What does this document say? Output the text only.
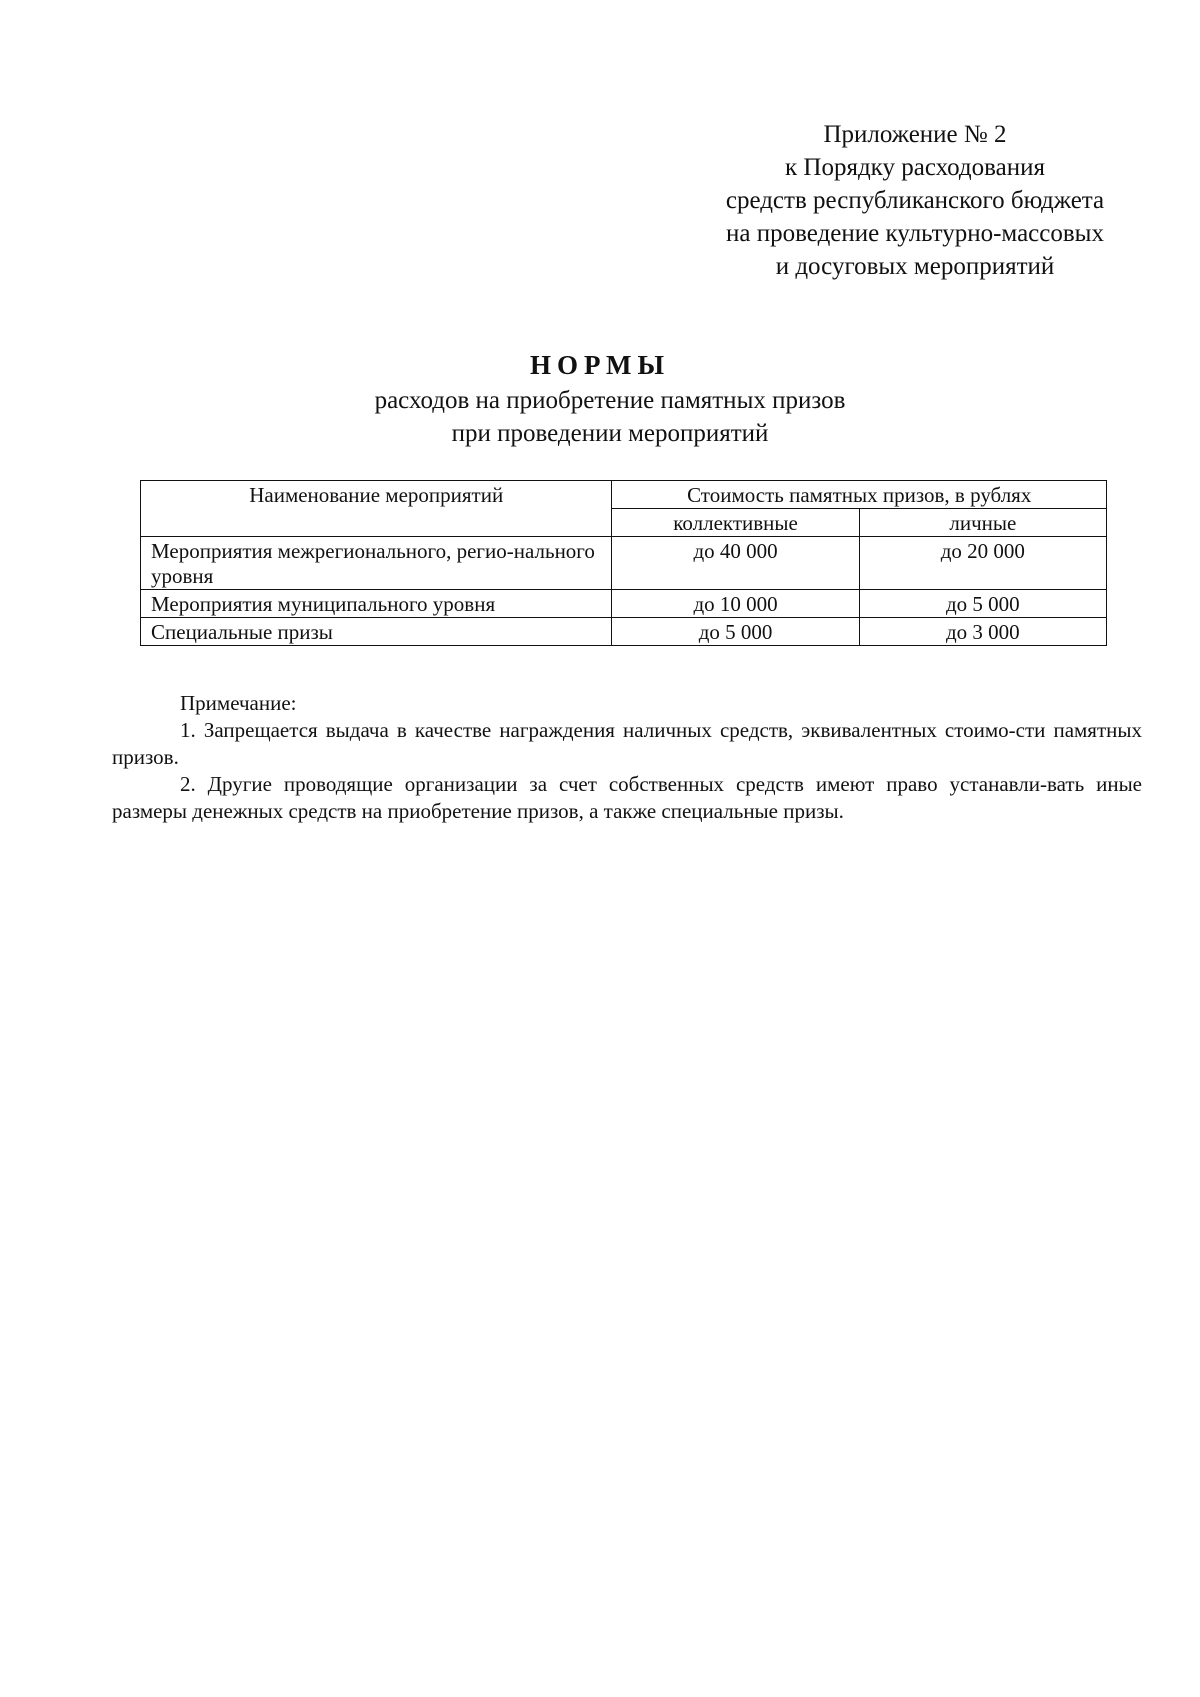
Приложение № 2
к Порядку расходования
средств республиканского бюджета
на проведение культурно-массовых
и досуговых мероприятий
НОРМЫ
расходов на приобретение памятных призов
при проведении мероприятий
Наименование мероприятий	Стоимость памятных призов, в рублях	
	коллективные	личные
Мероприятия межрегионального, регио-нального уровня	до 40 000	до 20 000
Мероприятия муниципального уровня	до 10 000	до 5 000
Специальные призы	до 5 000	до 3 000

Примечание:

1. Запрещается выдача в качестве награждения наличных средств, эквивалентных стоимо-сти памятных призов.

2. Другие проводящие организации за счет собственных средств имеют право устанавли-вать иные размеры денежных средств на приобретение призов, а также специальные призы.
